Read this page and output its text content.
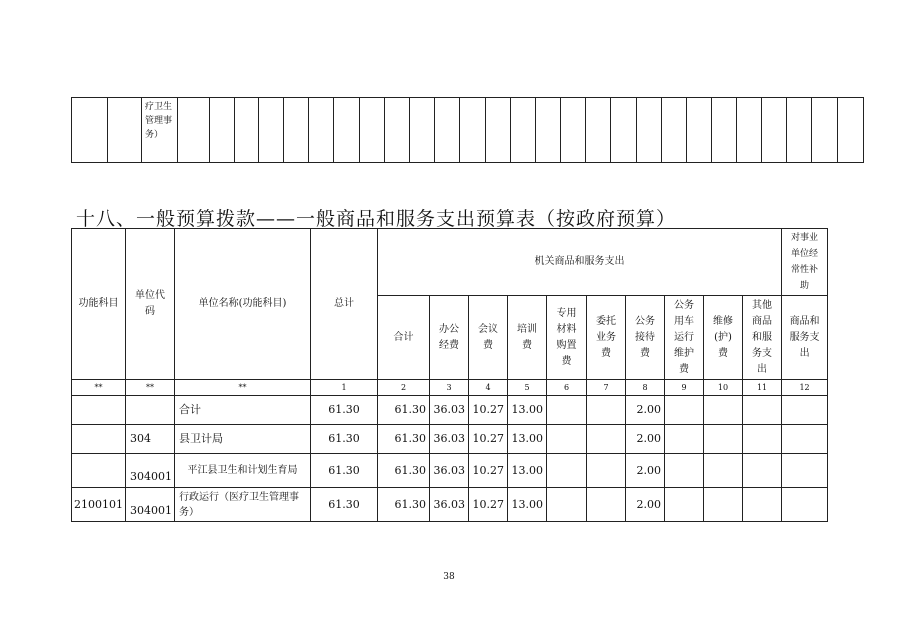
		疗卫生管理事务）																											
十八、一般预算拨款——一般商品和服务支出预算表（按政府预算）
功能科目	单位代码	单位名称(功能科目)	总计	机关商品和服务支出										对事业单位经常性补助
				合计	办公经费	会议费	培训费	专用材料购置费	委托业务费	公务接待费	公务用车运行维护费	维修(护)费	其他商品和服务支出	商品和服务支出
**	**	**	1	2	3	4	5	6	7	8	9	10	11	12
		合计	61.30	61.30	36.03	10.27	13.00			2.00				
	304	县卫计局	61.30	61.30	36.03	10.27	13.00			2.00				
	304001	平江县卫生和计划生育局	61.30	61.30	36.03	10.27	13.00			2.00				
2100101	304001	行政运行（医疗卫生管理事务）	61.30	61.30	36.03	10.27	13.00			2.00				
38
